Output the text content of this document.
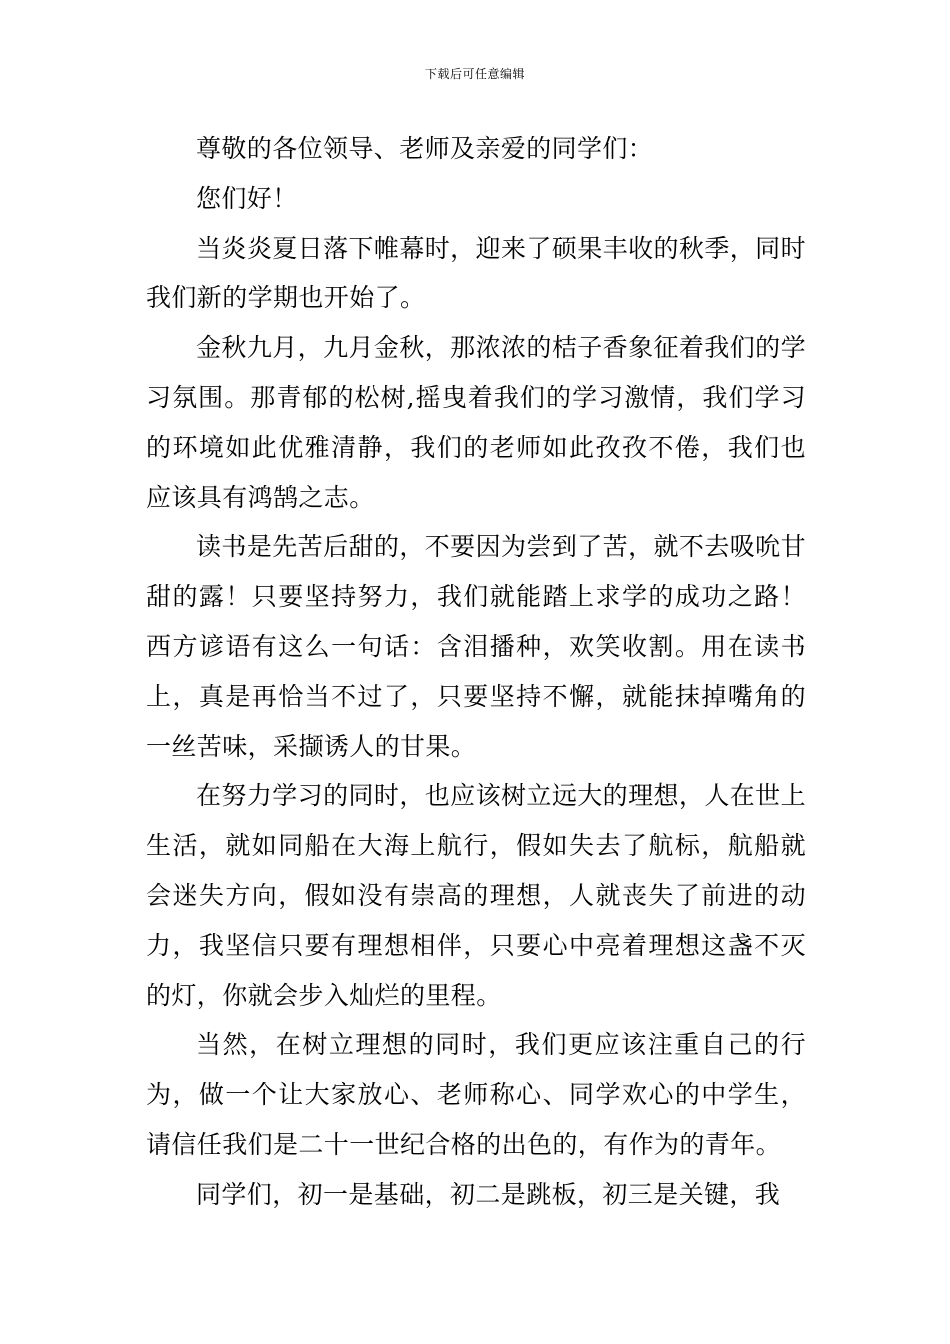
下载后可任意编辑

尊敬的各位领导、老师及亲爱的同学们：

您们好！

当炎炎夏日落下帷幕时，迎来了硕果丰收的秋季，同时我们新的学期也开始了。

金秋九月，九月金秋，那浓浓的桔子香象征着我们的学习氛围。那青郁的松树,摇曳着我们的学习激情，我们学习的环境如此优雅清静，我们的老师如此孜孜不倦，我们也应该具有鸿鹄之志。

读书是先苦后甜的，不要因为尝到了苦，就不去吸吮甘甜的露！只要坚持努力，我们就能踏上求学的成功之路！西方谚语有这么一句话：含泪播种，欢笑收割。用在读书上，真是再恰当不过了，只要坚持不懈，就能抹掉嘴角的一丝苦味，采撷诱人的甘果。

在努力学习的同时，也应该树立远大的理想，人在世上生活，就如同船在大海上航行，假如失去了航标，航船就会迷失方向，假如没有崇高的理想，人就丧失了前进的动力，我坚信只要有理想相伴，只要心中亮着理想这盏不灭的灯，你就会步入灿烂的里程。

当然，在树立理想的同时，我们更应该注重自己的行为，做一个让大家放心、老师称心、同学欢心的中学生，请信任我们是二十一世纪合格的出色的，有作为的青年。

同学们，初一是基础，初二是跳板，初三是关键，我
